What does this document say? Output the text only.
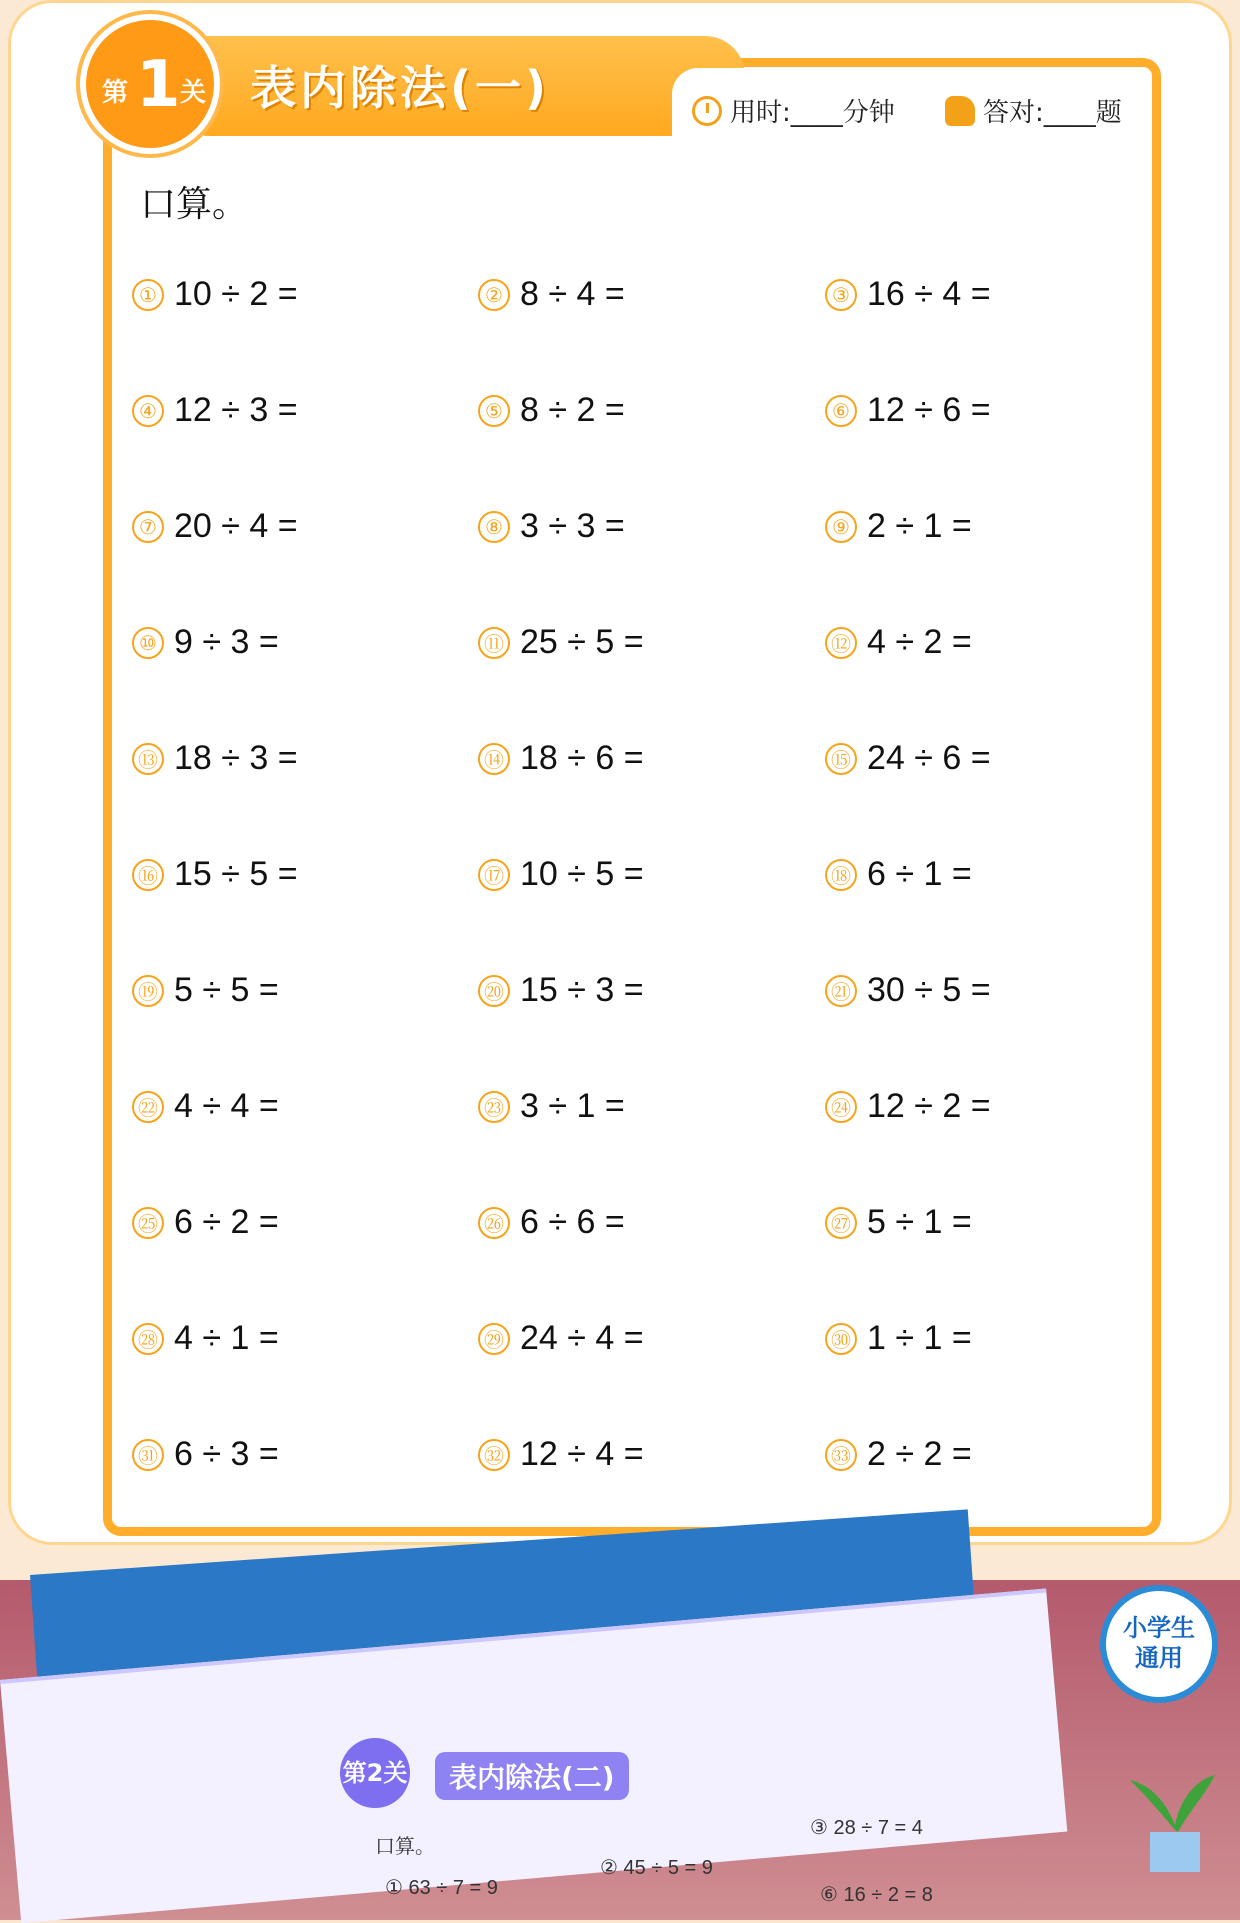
表内除法(一)
第 1 关
用时:____分钟	答对:____题
口算。
① 10 ÷ 2 =	② 8 ÷ 4 =	③ 16 ÷ 4 =
④ 12 ÷ 3 =	⑤ 8 ÷ 2 =	⑥ 12 ÷ 6 =
⑦ 20 ÷ 4 =	⑧ 3 ÷ 3 =	⑨ 2 ÷ 1 =
⑩ 9 ÷ 3 =	⑪ 25 ÷ 5 =	⑫ 4 ÷ 2 =
⑬ 18 ÷ 3 =	⑭ 18 ÷ 6 =	⑮ 24 ÷ 6 =
⑯ 15 ÷ 5 =	⑰ 10 ÷ 5 =	⑱ 6 ÷ 1 =
⑲ 5 ÷ 5 =	⑳ 15 ÷ 3 =	㉑ 30 ÷ 5 =
㉒ 4 ÷ 4 =	㉓ 3 ÷ 1 =	㉔ 12 ÷ 2 =
㉕ 6 ÷ 2 =	㉖ 6 ÷ 6 =	㉗ 5 ÷ 1 =
㉘ 4 ÷ 1 =	㉙ 24 ÷ 4 =	㉚ 1 ÷ 1 =
㉛ 6 ÷ 3 =	㉜ 12 ÷ 4 =	㉝ 2 ÷ 2 =
小学生
通用
第2关	表内除法(二)
口算。
① 63 ÷ 7 = 9
② 45 ÷ 5 = 9
③ 28 ÷ 7 = 4
⑥ 16 ÷ 2 = 8
